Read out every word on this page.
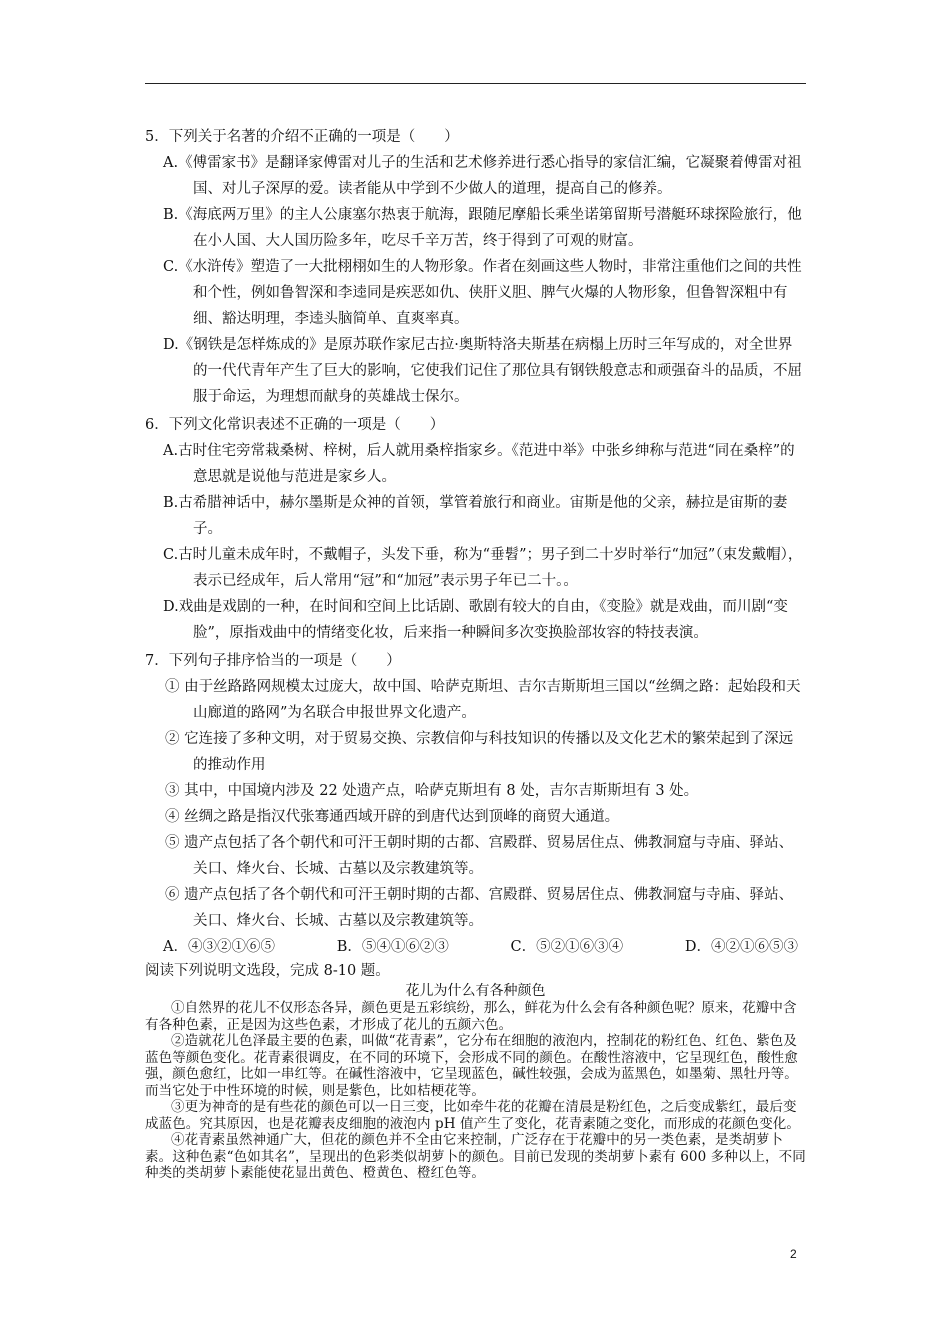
5．下列关于名著的介绍不正确的一项是（　　）
A.《傅雷家书》是翻译家傅雷对儿子的生活和艺术修养进行悉心指导的家信汇编，它凝聚着傅雷对祖国、对儿子深厚的爱。读者能从中学到不少做人的道理，提高自己的修养。
B.《海底两万里》的主人公康塞尔热衷于航海，跟随尼摩船长乘坐诺第留斯号潜艇环球探险旅行，他在小人国、大人国历险多年，吃尽千辛万苦，终于得到了可观的财富。
C.《水浒传》塑造了一大批栩栩如生的人物形象。作者在刻画这些人物时，非常注重他们之间的共性和个性，例如鲁智深和李逵同是疾恶如仇、侠肝义胆、脾气火爆的人物形象，但鲁智深粗中有细、豁达明理，李逵头脑简单、直爽率真。
D.《钢铁是怎样炼成的》是原苏联作家尼古拉·奥斯特洛夫斯基在病榻上历时三年写成的，对全世界的一代代青年产生了巨大的影响，它使我们记住了那位具有钢铁般意志和顽强奋斗的品质，不屈服于命运，为理想而献身的英雄战士保尔。
6．下列文化常识表述不正确的一项是（　　）
A.古时住宅旁常栽桑树、梓树，后人就用桑梓指家乡。《范进中举》中张乡绅称与范进“同在桑梓”的意思就是说他与范进是家乡人。
B.古希腊神话中，赫尔墨斯是众神的首领，掌管着旅行和商业。宙斯是他的父亲，赫拉是宙斯的妻子。
C.古时儿童未成年时，不戴帽子，头发下垂，称为“垂髫”；男子到二十岁时举行“加冠”（束发戴帽），表示已经成年，后人常用“冠”和“加冠”表示男子年已二十。。
D.戏曲是戏剧的一种，在时间和空间上比话剧、歌剧有较大的自由，《变脸》就是戏曲，而川剧“变脸”，原指戏曲中的情绪变化妆，后来指一种瞬间多次变换脸部妆容的特技表演。
7．下列句子排序恰当的一项是（　　）
① 由于丝路路网规模太过庞大，故中国、哈萨克斯坦、吉尔吉斯斯坦三国以“丝绸之路：起始段和天山廊道的路网”为名联合申报世界文化遗产。
② 它连接了多种文明，对于贸易交换、宗教信仰与科技知识的传播以及文化艺术的繁荣起到了深远的推动作用
③ 其中，中国境内涉及 22 处遗产点，哈萨克斯坦有 8 处，吉尔吉斯斯坦有 3 处。
④ 丝绸之路是指汉代张骞通西域开辟的到唐代达到顶峰的商贸大通道。
⑤ 遗产点包括了各个朝代和可汗王朝时期的古都、宫殿群、贸易居住点、佛教洞窟与寺庙、驿站、关口、烽火台、长城、古墓以及宗教建筑等。
⑥ 遗产点包括了各个朝代和可汗王朝时期的古都、宫殿群、贸易居住点、佛教洞窟与寺庙、驿站、关口、烽火台、长城、古墓以及宗教建筑等。
A．④③②①⑥⑤	B．⑤④①⑥②③	C．⑤②①⑥③④	D．④②①⑥⑤③
阅读下列说明文选段，完成 8-10 题。
花儿为什么有各种颜色
①自然界的花儿不仅形态各异，颜色更是五彩缤纷，那么，鲜花为什么会有各种颜色呢？原来，花瓣中含有各种色素，正是因为这些色素，才形成了花儿的五颜六色。
②造就花儿色泽最主要的色素，叫做“花青素”，它分布在细胞的液泡内，控制花的粉红色、红色、紫色及蓝色等颜色变化。花青素很调皮，在不同的环境下，会形成不同的颜色。在酸性溶液中，它呈现红色，酸性愈强，颜色愈红，比如一串红等。在碱性溶液中，它呈现蓝色，碱性较强，会成为蓝黑色，如墨菊、黑牡丹等。而当它处于中性环境的时候，则是紫色，比如桔梗花等。
③更为神奇的是有些花的颜色可以一日三变，比如牵牛花的花瓣在清晨是粉红色，之后变成紫红，最后变成蓝色。究其原因，也是花瓣表皮细胞的液泡内 pH 值产生了变化，花青素随之变化，而形成的花颜色变化。
④花青素虽然神通广大，但花的颜色并不全由它来控制，广泛存在于花瓣中的另一类色素，是类胡萝卜素。这种色素“色如其名”，呈现出的色彩类似胡萝卜的颜色。目前已发现的类胡萝卜素有 600 多种以上，不同种类的类胡萝卜素能使花显出黄色、橙黄色、橙红色等。
2
